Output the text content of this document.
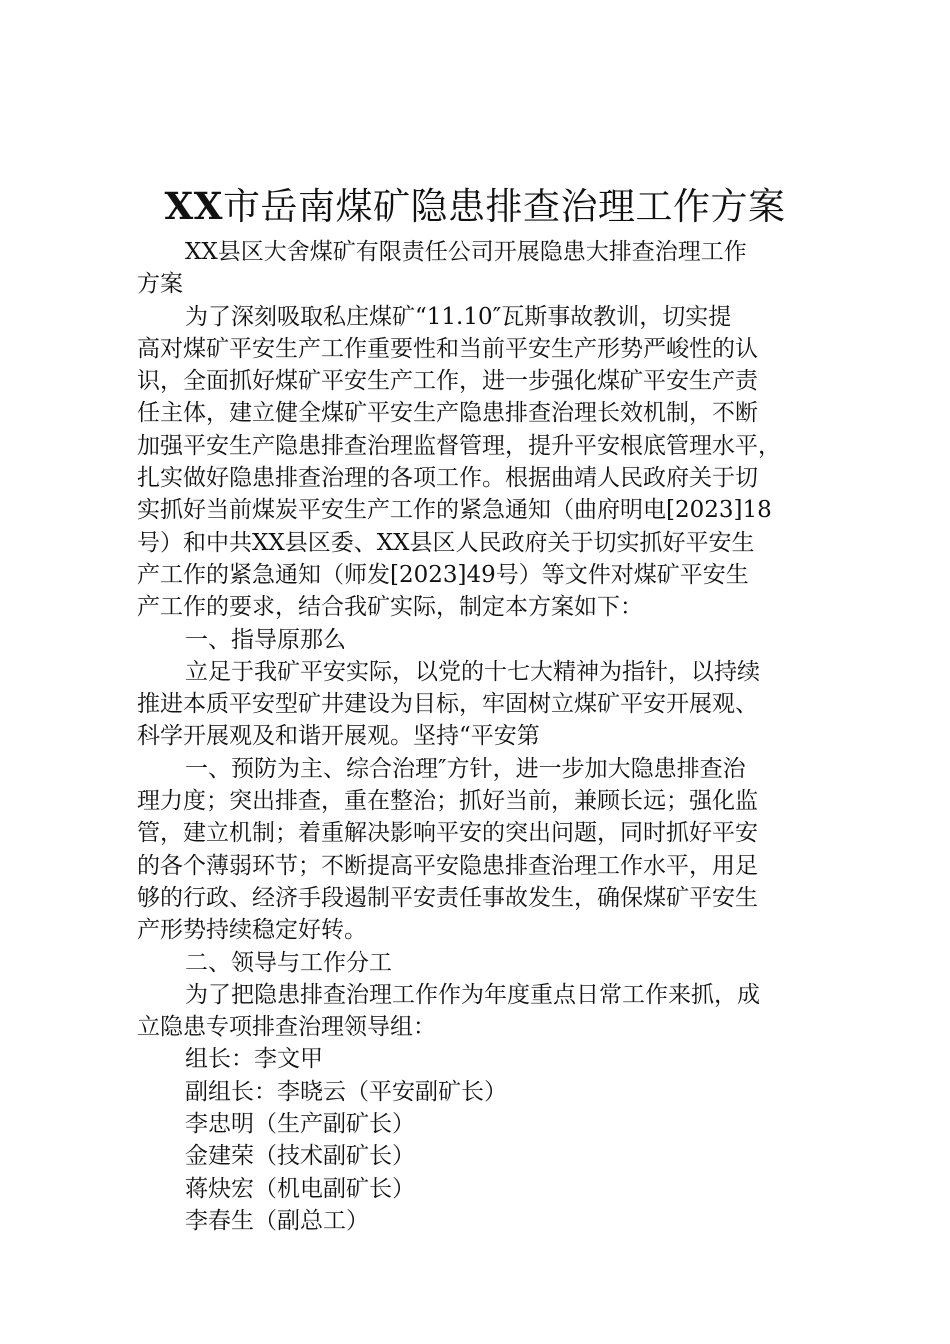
XX市岳南煤矿隐患排查治理工作方案

XX县区大舍煤矿有限责任公司开展隐患大排查治理工作

方案

为了深刻吸取私庄煤矿“11.10″瓦斯事故教训，切实提

高对煤矿平安生产工作重要性和当前平安生产形势严峻性的认

识，全面抓好煤矿平安生产工作，进一步强化煤矿平安生产责

任主体，建立健全煤矿平安生产隐患排查治理长效机制，不断

加强平安生产隐患排查治理监督管理，提升平安根底管理水平，

扎实做好隐患排查治理的各项工作。根据曲靖人民政府关于切

实抓好当前煤炭平安生产工作的紧急通知（曲府明电[2023]18

号）和中共XX县区委、XX县区人民政府关于切实抓好平安生

产工作的紧急通知（师发[2023]49号）等文件对煤矿平安生

产工作的要求，结合我矿实际，制定本方案如下：

一、指导原那么

立足于我矿平安实际，以党的十七大精神为指针，以持续

推进本质平安型矿井建设为目标，牢固树立煤矿平安开展观、

科学开展观及和谐开展观。坚持“平安第

一、预防为主、综合治理″方针，进一步加大隐患排查治

理力度；突出排查，重在整治；抓好当前，兼顾长远；强化监

管，建立机制；着重解决影响平安的突出问题，同时抓好平安

的各个薄弱环节；不断提高平安隐患排查治理工作水平，用足

够的行政、经济手段遏制平安责任事故发生，确保煤矿平安生

产形势持续稳定好转。

二、领导与工作分工

为了把隐患排查治理工作作为年度重点日常工作来抓，成

立隐患专项排查治理领导组：

组长：李文甲

副组长：李晓云（平安副矿长）

李忠明（生产副矿长）

金建荣（技术副矿长）

蒋炔宏（机电副矿长）

李春生（副总工）
